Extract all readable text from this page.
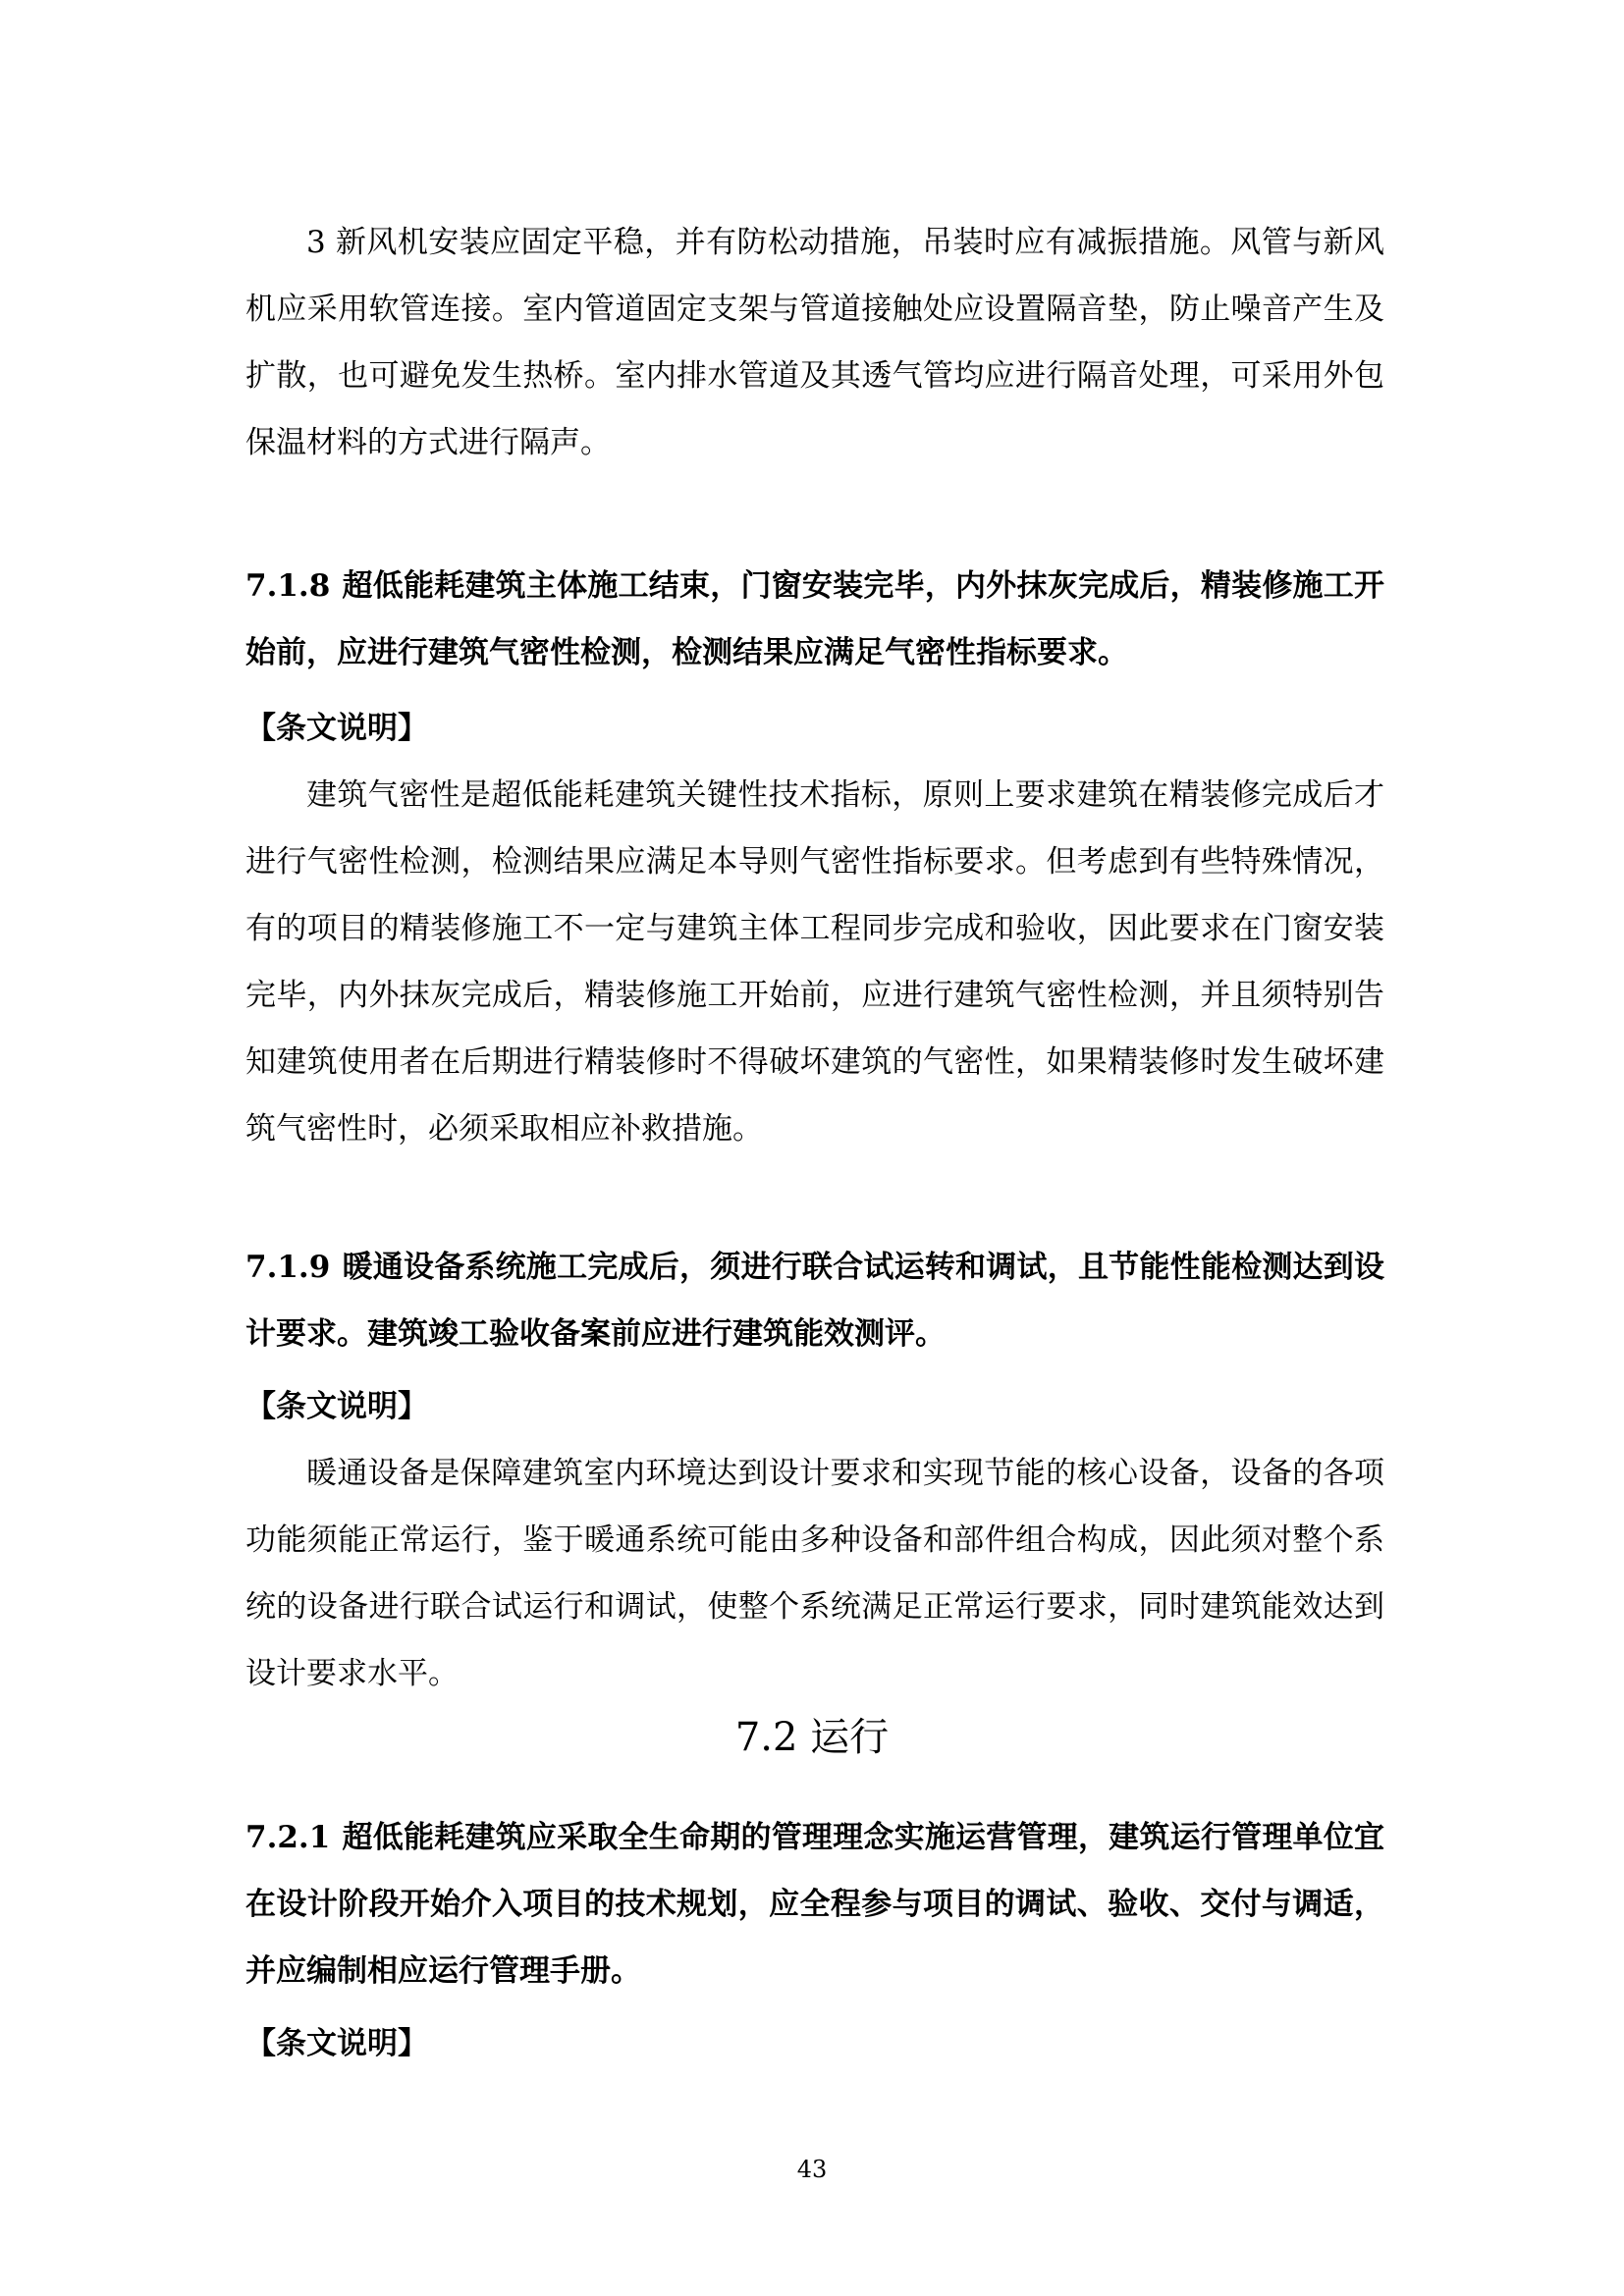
3 新风机安装应固定平稳，并有防松动措施，吊装时应有减振措施。风管与新风机应采用软管连接。室内管道固定支架与管道接触处应设置隔音垫，防止噪音产生及扩散，也可避免发生热桥。室内排水管道及其透气管均应进行隔音处理，可采用外包保温材料的方式进行隔声。

7.1.8 超低能耗建筑主体施工结束，门窗安装完毕，内外抹灰完成后，精装修施工开始前，应进行建筑气密性检测，检测结果应满足气密性指标要求。

【条文说明】

建筑气密性是超低能耗建筑关键性技术指标，原则上要求建筑在精装修完成后才进行气密性检测，检测结果应满足本导则气密性指标要求。但考虑到有些特殊情况，有的项目的精装修施工不一定与建筑主体工程同步完成和验收，因此要求在门窗安装完毕，内外抹灰完成后，精装修施工开始前，应进行建筑气密性检测，并且须特别告知建筑使用者在后期进行精装修时不得破坏建筑的气密性，如果精装修时发生破坏建筑气密性时，必须采取相应补救措施。

7.1.9 暖通设备系统施工完成后，须进行联合试运转和调试，且节能性能检测达到设计要求。建筑竣工验收备案前应进行建筑能效测评。

【条文说明】

暖通设备是保障建筑室内环境达到设计要求和实现节能的核心设备，设备的各项功能须能正常运行，鉴于暖通系统可能由多种设备和部件组合构成，因此须对整个系统的设备进行联合试运行和调试，使整个系统满足正常运行要求，同时建筑能效达到设计要求水平。

7.2 运行

7.2.1 超低能耗建筑应采取全生命期的管理理念实施运营管理，建筑运行管理单位宜在设计阶段开始介入项目的技术规划，应全程参与项目的调试、验收、交付与调适，并应编制相应运行管理手册。

【条文说明】

43
